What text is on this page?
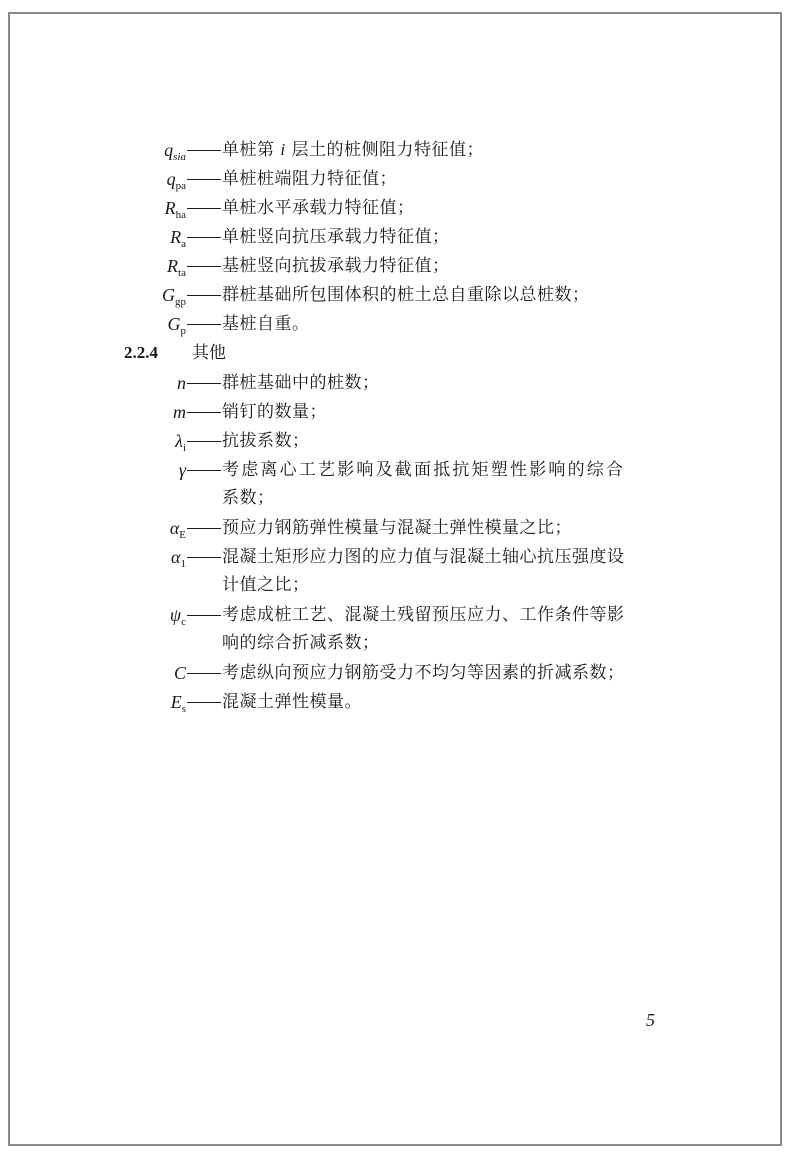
$q_{sia}$ 单桩第 i 层土的桩侧阻力特征值；
$q_{pa}$ 单桩桩端阻力特征值；
$R_{ha}$ 单桩水平承载力特征值；
$R_a$ 单桩竖向抗压承载力特征值；
$R_{ta}$ 基桩竖向抗拔承载力特征值；
$G_{gp}$ 群桩基础所包围体积的桩土总自重除以总桩数；
$G_p$ 基桩自重。
2.2.4 其他
n 群桩基础中的桩数；
m 销钉的数量；
$\lambda_i$ 抗拔系数；
γ 考虑离心工艺影响及截面抵抗矩塑性影响的综合
系数；
$\alpha_E$ 预应力钢筋弹性模量与混凝土弹性模量之比；
$\alpha_1$ 混凝土矩形应力图的应力值与混凝土轴心抗压强度设
计值之比；
$\psi_c$ 考虑成桩工艺、混凝土残留预压应力、工作条件等影
响的综合折减系数；
C 考虑纵向预应力钢筋受力不均匀等因素的折减系数；
$E_s$ 混凝土弹性模量。
5
